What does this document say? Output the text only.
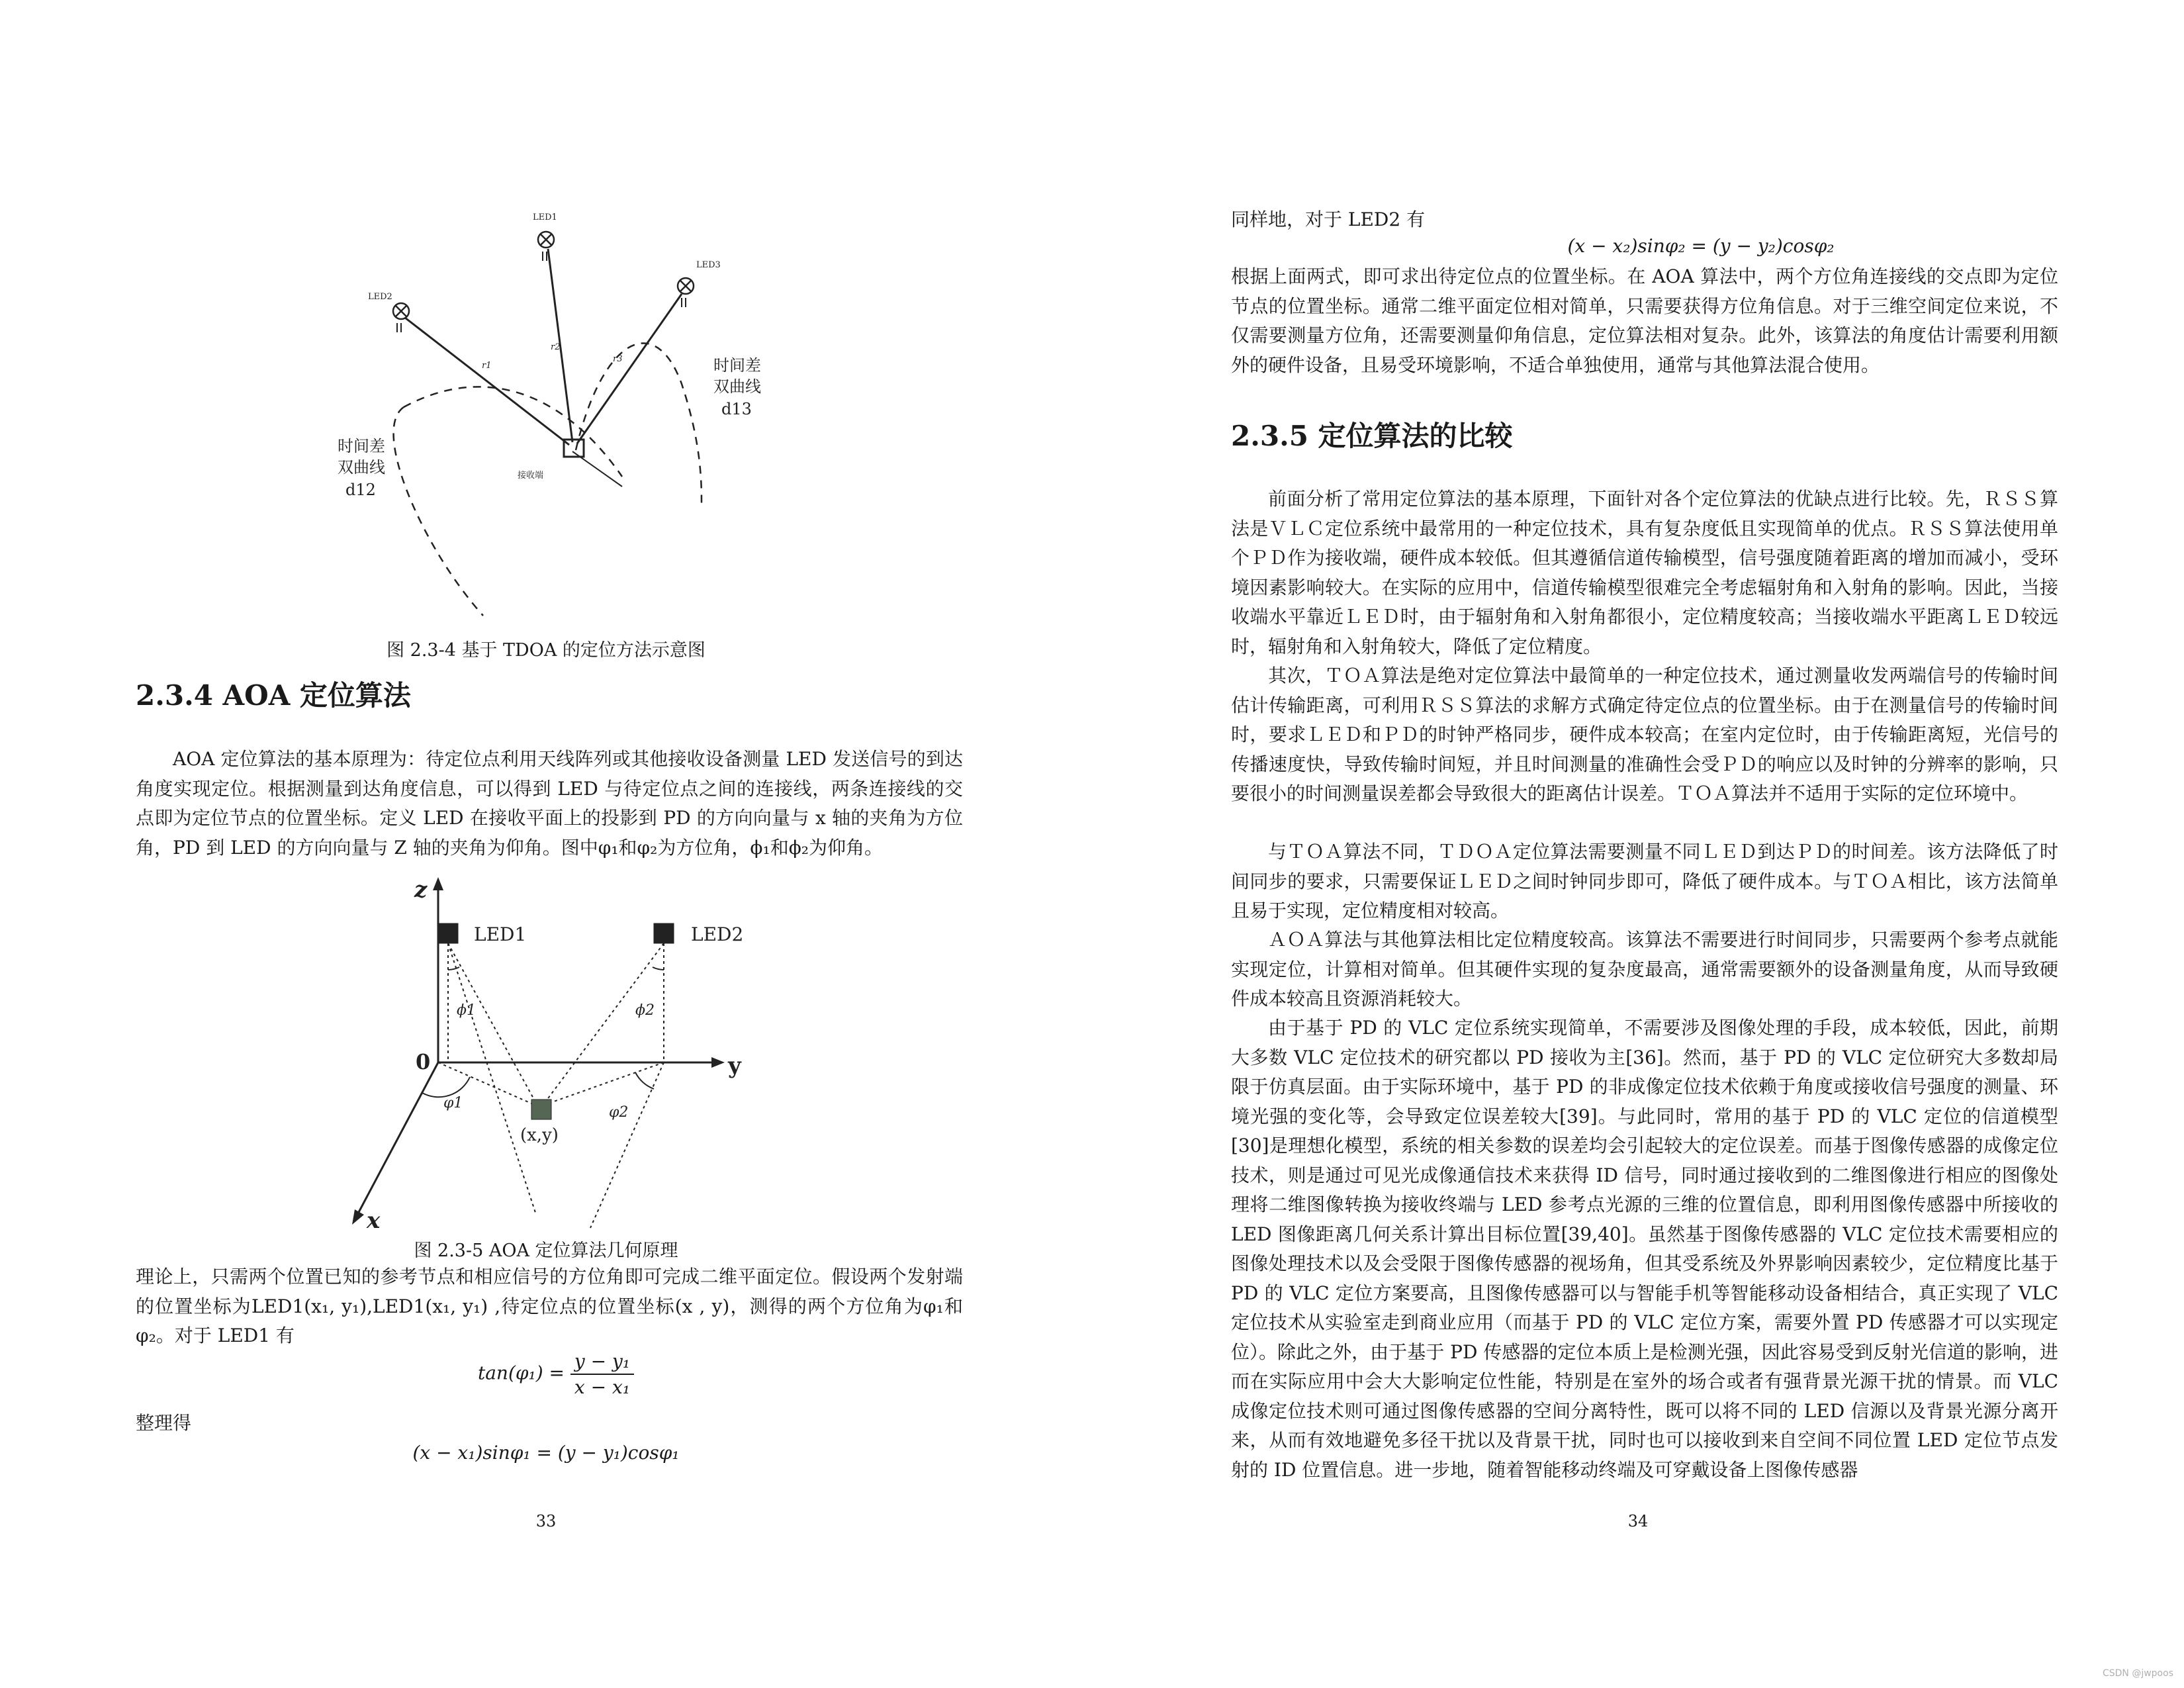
LED1
LED2
LED3
r1
r2
r3
接收端
时间差
双曲线
d12
时间差
双曲线
d13

图 2.3-4 基于 TDOA 的定位方法示意图

2.3.4 AOA 定位算法

AOA 定位算法的基本原理为：待定位点利用天线阵列或其他接收设备测量 LED 发送信号的到达角度实现定位。根据测量到达角度信息，可以得到 LED 与待定位点之间的连接线，两条连接线的交点即为定位节点的位置坐标。定义 LED 在接收平面上的投影到 PD 的方向向量与 x 轴的夹角为方位角，PD 到 LED 的方向向量与 Z 轴的夹角为仰角。图中φ₁和φ₂为方位角，ϕ₁和ϕ₂为仰角。

z
y
x
0
LED1	LED2
ϕ1	ϕ2
φ1
φ2
(x,y)

图 2.3-5 AOA 定位算法几何原理

理论上，只需两个位置已知的参考节点和相应信号的方位角即可完成二维平面定位。假设两个发射端的位置坐标为LED1(x₁, y₁),LED1(x₁, y₁) ,待定位点的位置坐标(x , y)，测得的两个方位角为φ₁和φ₂。对于 LED1 有

$\tan(\varphi_1) = \frac{\text{y − y₁}}{\text{x − x₁}}$

整理得

(x − x₁)sinφ₁ = (y − y₁)cosφ₁
33

同样地，对于 LED2 有

(x − x₂)sinφ₂ = (y − y₂)cosφ₂

根据上面两式，即可求出待定位点的位置坐标。在 AOA 算法中，两个方位角连接线的交点即为定位节点的位置坐标。通常二维平面定位相对简单，只需要获得方位角信息。对于三维空间定位来说，不仅需要测量方位角，还需要测量仰角信息，定位算法相对复杂。此外，该算法的角度估计需要利用额外的硬件设备，且易受环境影响，不适合单独使用，通常与其他算法混合使用。

2.3.5 定位算法的比较

前面分析了常用定位算法的基本原理，下面针对各个定位算法的优缺点进行比较。先，ＲＳＳ算法是ＶＬＣ定位系统中最常用的一种定位技术，具有复杂度低且实现简单的优点。ＲＳＳ算法使用单个ＰＤ作为接收端，硬件成本较低。但其遵循信道传输模型，信号强度随着距离的增加而减小，受环境因素影响较大。在实际的应用中，信道传输模型很难完全考虑辐射角和入射角的影响。因此，当接收端水平靠近ＬＥＤ时，由于辐射角和入射角都很小，定位精度较高；当接收端水平距离ＬＥＤ较远时，辐射角和入射角较大，降低了定位精度。

其次，ＴＯＡ算法是绝对定位算法中最简单的一种定位技术，通过测量收发两端信号的传输时间估计传输距离，可利用ＲＳＳ算法的求解方式确定待定位点的位置坐标。由于在测量信号的传输时间时，要求ＬＥＤ和ＰＤ的时钟严格同步，硬件成本较高；在室内定位时，由于传输距离短，光信号的传播速度快，导致传输时间短，并且时间测量的准确性会受ＰＤ的响应以及时钟的分辨率的影响，只要很小的时间测量误差都会导致很大的距离估计误差。ＴＯＡ算法并不适用于实际的定位环境中。

与ＴＯＡ算法不同，ＴＤＯＡ定位算法需要测量不同ＬＥＤ到达ＰＤ的时间差。该方法降低了时间同步的要求，只需要保证ＬＥＤ之间时钟同步即可，降低了硬件成本。与ＴＯＡ相比，该方法简单且易于实现，定位精度相对较高。

ＡＯＡ算法与其他算法相比定位精度较高。该算法不需要进行时间同步，只需要两个参考点就能实现定位，计算相对简单。但其硬件实现的复杂度最高，通常需要额外的设备测量角度，从而导致硬件成本较高且资源消耗较大。

由于基于 PD 的 VLC 定位系统实现简单，不需要涉及图像处理的手段，成本较低，因此，前期大多数 VLC 定位技术的研究都以 PD 接收为主[36]。然而，基于 PD 的 VLC 定位研究大多数却局限于仿真层面。由于实际环境中，基于 PD 的非成像定位技术依赖于角度或接收信号强度的测量、环境光强的变化等，会导致定位误差较大[39]。与此同时，常用的基于 PD 的 VLC 定位的信道模型[30]是理想化模型，系统的相关参数的误差均会引起较大的定位误差。而基于图像传感器的成像定位技术，则是通过可见光成像通信技术来获得 ID 信号，同时通过接收到的二维图像进行相应的图像处理将二维图像转换为接收终端与 LED 参考点光源的三维的位置信息，即利用图像传感器中所接收的 LED 图像距离几何关系计算出目标位置[39,40]。虽然基于图像传感器的 VLC 定位技术需要相应的图像处理技术以及会受限于图像传感器的视场角，但其受系统及外界影响因素较少，定位精度比基于 PD 的 VLC 定位方案要高，且图像传感器可以与智能手机等智能移动设备相结合，真正实现了 VLC 定位技术从实验室走到商业应用（而基于 PD 的 VLC 定位方案，需要外置 PD 传感器才可以实现定位）。除此之外，由于基于 PD 传感器的定位本质上是检测光强，因此容易受到反射光信道的影响，进而在实际应用中会大大影响定位性能，特别是在室外的场合或者有强背景光源干扰的情景。而 VLC 成像定位技术则可通过图像传感器的空间分离特性，既可以将不同的 LED 信源以及背景光源分离开来，从而有效地避免多径干扰以及背景干扰，同时也可以接收到来自空间不同位置 LED 定位节点发射的 ID 位置信息。进一步地，随着智能移动终端及可穿戴设备上图像传感器

34
CSDN @jwpoos
